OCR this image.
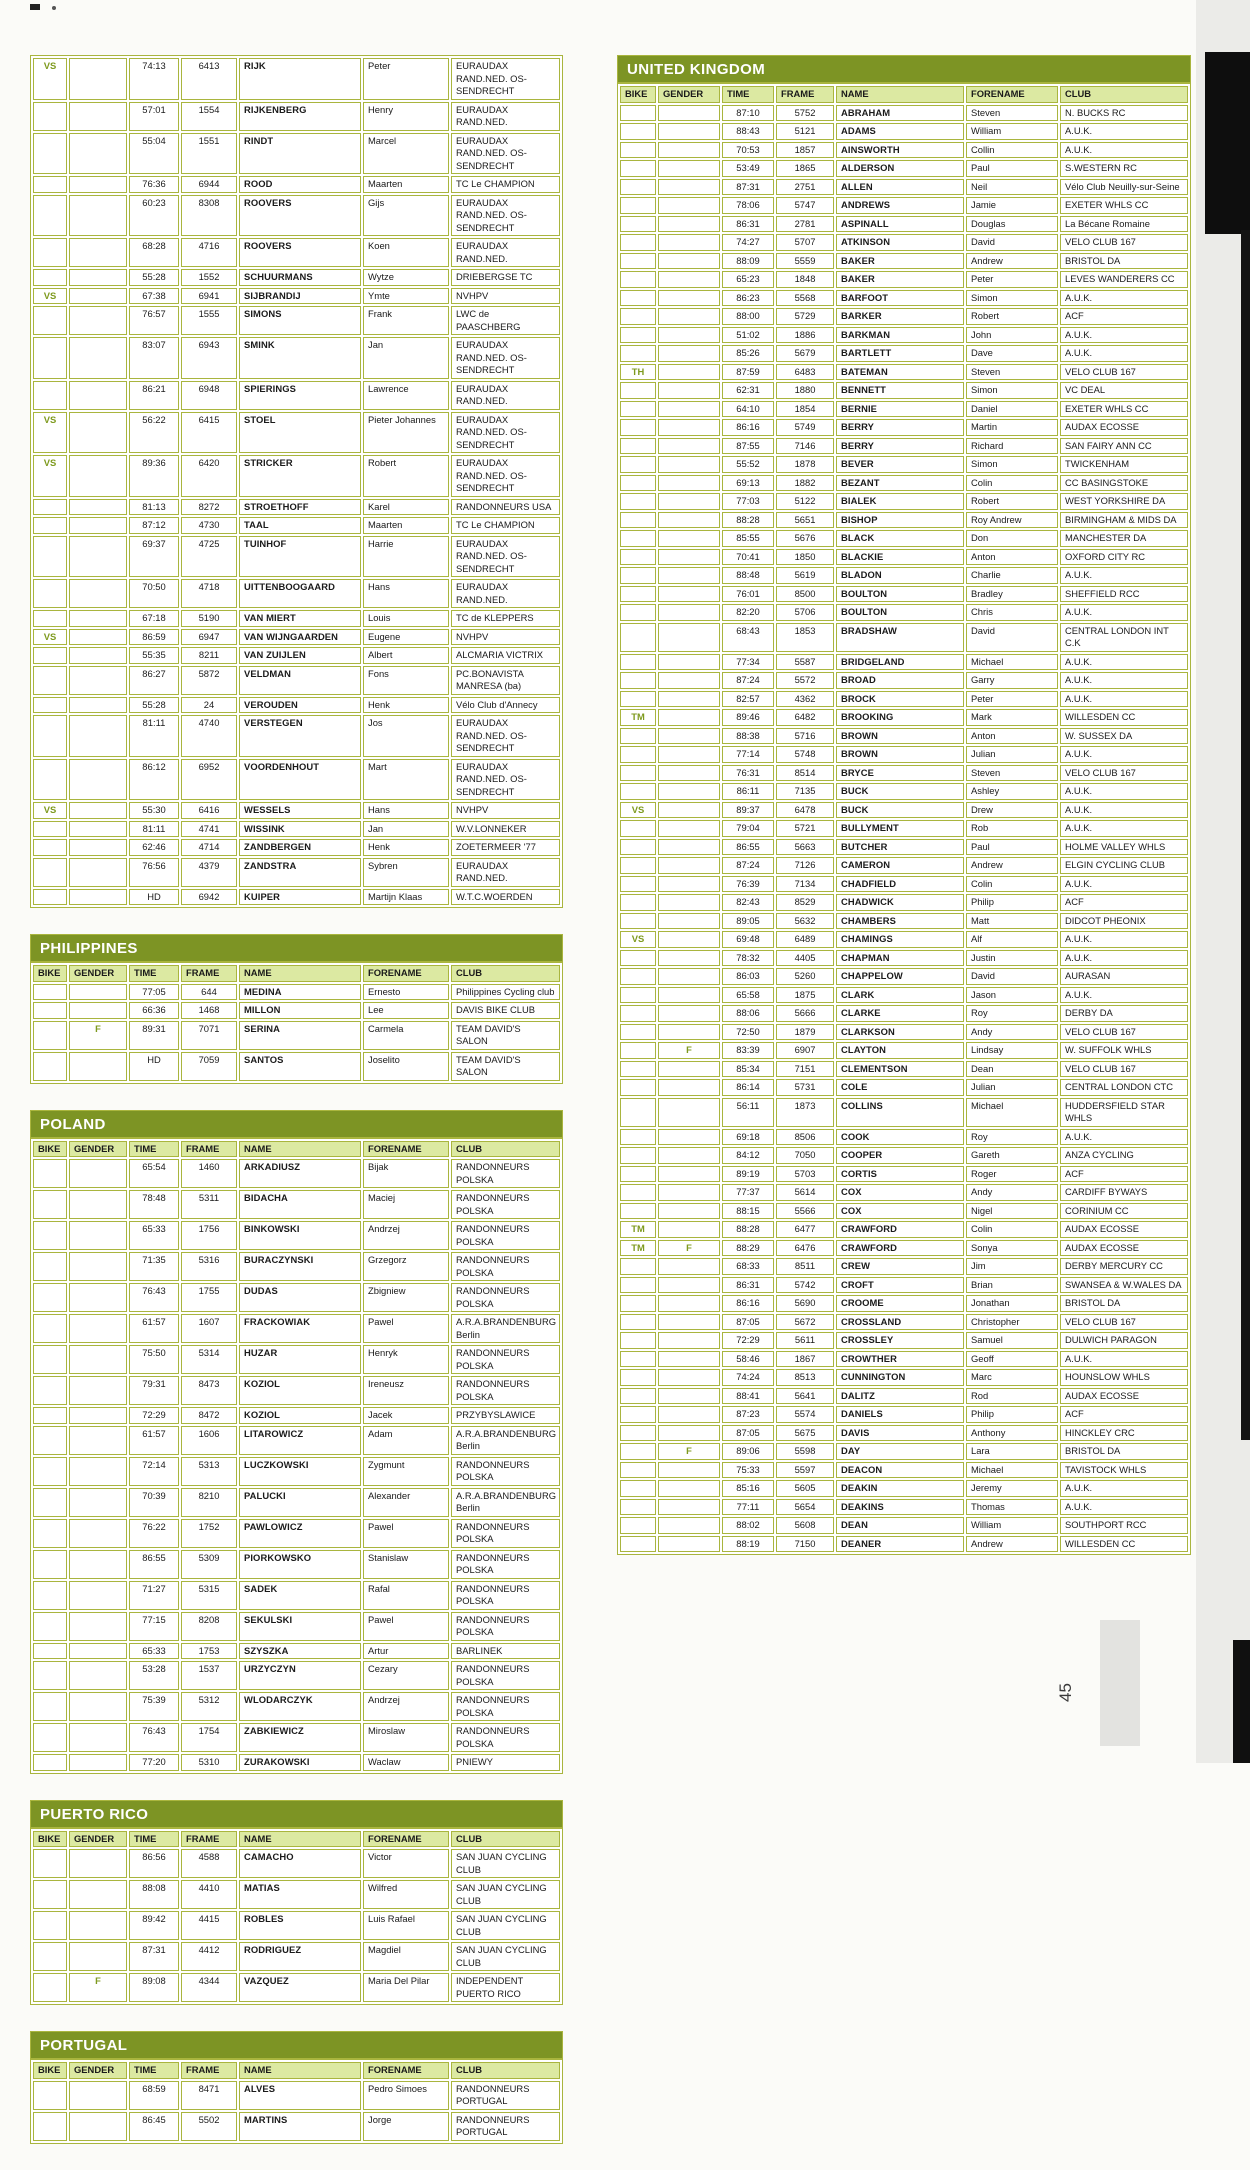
45
VS		74:13	6413	RIJK	Peter	EURAUDAX RAND.NED. OS-SENDRECHT
		57:01	1554	RIJKENBERG	Henry	EURAUDAX RAND.NED.
		55:04	1551	RINDT	Marcel	EURAUDAX RAND.NED. OS-SENDRECHT
		76:36	6944	ROOD	Maarten	TC Le CHAMPION
		60:23	8308	ROOVERS	Gijs	EURAUDAX RAND.NED. OS-SENDRECHT
		68:28	4716	ROOVERS	Koen	EURAUDAX RAND.NED.
		55:28	1552	SCHUURMANS	Wytze	DRIEBERGSE TC
VS		67:38	6941	SIJBRANDIJ	Ymte	NVHPV
		76:57	1555	SIMONS	Frank	LWC de PAASCHBERG
		83:07	6943	SMINK	Jan	EURAUDAX RAND.NED. OS-SENDRECHT
		86:21	6948	SPIERINGS	Lawrence	EURAUDAX RAND.NED.
VS		56:22	6415	STOEL	Pieter Johannes	EURAUDAX RAND.NED. OS-SENDRECHT
VS		89:36	6420	STRICKER	Robert	EURAUDAX RAND.NED. OS-SENDRECHT
		81:13	8272	STROETHOFF	Karel	RANDONNEURS USA
		87:12	4730	TAAL	Maarten	TC Le CHAMPION
		69:37	4725	TUINHOF	Harrie	EURAUDAX RAND.NED. OS-SENDRECHT
		70:50	4718	UITTENBOOGAARD	Hans	EURAUDAX RAND.NED.
		67:18	5190	VAN MIERT	Louis	TC de KLEPPERS
VS		86:59	6947	VAN WIJNGAARDEN	Eugene	NVHPV
		55:35	8211	VAN ZUIJLEN	Albert	ALCMARIA VICTRIX
		86:27	5872	VELDMAN	Fons	PC.BONAVISTA MANRESA (ba)
		55:28	24	VEROUDEN	Henk	Vélo Club d'Annecy
		81:11	4740	VERSTEGEN	Jos	EURAUDAX RAND.NED. OS-SENDRECHT
		86:12	6952	VOORDENHOUT	Mart	EURAUDAX RAND.NED. OS-SENDRECHT
VS		55:30	6416	WESSELS	Hans	NVHPV
		81:11	4741	WISSINK	Jan	W.V.LONNEKER
		62:46	4714	ZANDBERGEN	Henk	ZOETERMEER '77
		76:56	4379	ZANDSTRA	Sybren	EURAUDAX RAND.NED.
		HD	6942	KUIPER	Martijn Klaas	W.T.C.WOERDEN
PHILIPPINES
BIKE	GENDER	TIME	FRAME	NAME	FORENAME	CLUB
		77:05	644	MEDINA	Ernesto	Philippines Cycling club
		66:36	1468	MILLON	Lee	DAVIS BIKE CLUB
	F	89:31	7071	SERINA	Carmela	TEAM DAVID'S SALON
		HD	7059	SANTOS	Joselito	TEAM DAVID'S SALON
POLAND
BIKE	GENDER	TIME	FRAME	NAME	FORENAME	CLUB
		65:54	1460	ARKADIUSZ	Bijak	RANDONNEURS POLSKA
		78:48	5311	BIDACHA	Maciej	RANDONNEURS POLSKA
		65:33	1756	BINKOWSKI	Andrzej	RANDONNEURS POLSKA
		71:35	5316	BURACZYNSKI	Grzegorz	RANDONNEURS POLSKA
		76:43	1755	DUDAS	Zbigniew	RANDONNEURS POLSKA
		61:57	1607	FRACKOWIAK	Pawel	A.R.A.BRANDENBURG Berlin
		75:50	5314	HUZAR	Henryk	RANDONNEURS POLSKA
		79:31	8473	KOZIOL	Ireneusz	RANDONNEURS POLSKA
		72:29	8472	KOZIOL	Jacek	PRZYBYSLAWICE
		61:57	1606	LITAROWICZ	Adam	A.R.A.BRANDENBURG Berlin
		72:14	5313	LUCZKOWSKI	Zygmunt	RANDONNEURS POLSKA
		70:39	8210	PALUCKI	Alexander	A.R.A.BRANDENBURG Berlin
		76:22	1752	PAWLOWICZ	Pawel	RANDONNEURS POLSKA
		86:55	5309	PIORKOWSKO	Stanislaw	RANDONNEURS POLSKA
		71:27	5315	SADEK	Rafal	RANDONNEURS POLSKA
		77:15	8208	SEKULSKI	Pawel	RANDONNEURS POLSKA
		65:33	1753	SZYSZKA	Artur	BARLINEK
		53:28	1537	URZYCZYN	Cezary	RANDONNEURS POLSKA
		75:39	5312	WLODARCZYK	Andrzej	RANDONNEURS POLSKA
		76:43	1754	ZABKIEWICZ	Miroslaw	RANDONNEURS POLSKA
		77:20	5310	ZURAKOWSKI	Waclaw	PNIEWY
PUERTO RICO
BIKE	GENDER	TIME	FRAME	NAME	FORENAME	CLUB
		86:56	4588	CAMACHO	Victor	SAN JUAN CYCLING CLUB
		88:08	4410	MATIAS	Wilfred	SAN JUAN CYCLING CLUB
		89:42	4415	ROBLES	Luis Rafael	SAN JUAN CYCLING CLUB
		87:31	4412	RODRIGUEZ	Magdiel	SAN JUAN CYCLING CLUB
	F	89:08	4344	VAZQUEZ	Maria Del Pilar	INDEPENDENT PUERTO RICO
PORTUGAL
BIKE	GENDER	TIME	FRAME	NAME	FORENAME	CLUB
		68:59	8471	ALVES	Pedro Simoes	RANDONNEURS PORTUGAL
		86:45	5502	MARTINS	Jorge	RANDONNEURS PORTUGAL
UNITED KINGDOM
BIKE	GENDER	TIME	FRAME	NAME	FORENAME	CLUB
		87:10	5752	ABRAHAM	Steven	N. BUCKS RC
		88:43	5121	ADAMS	William	A.U.K.
		70:53	1857	AINSWORTH	Collin	A.U.K.
		53:49	1865	ALDERSON	Paul	S.WESTERN RC
		87:31	2751	ALLEN	Neil	Vélo Club Neuilly-sur-Seine
		78:06	5747	ANDREWS	Jamie	EXETER WHLS CC
		86:31	2781	ASPINALL	Douglas	La Bécane Romaine
		74:27	5707	ATKINSON	David	VELO CLUB 167
		88:09	5559	BAKER	Andrew	BRISTOL DA
		65:23	1848	BAKER	Peter	LEVES WANDERERS CC
		86:23	5568	BARFOOT	Simon	A.U.K.
		88:00	5729	BARKER	Robert	ACF
		51:02	1886	BARKMAN	John	A.U.K.
		85:26	5679	BARTLETT	Dave	A.U.K.
TH		87:59	6483	BATEMAN	Steven	VELO CLUB 167
		62:31	1880	BENNETT	Simon	VC DEAL
		64:10	1854	BERNIE	Daniel	EXETER WHLS CC
		86:16	5749	BERRY	Martin	AUDAX ECOSSE
		87:55	7146	BERRY	Richard	SAN FAIRY ANN CC
		55:52	1878	BEVER	Simon	TWICKENHAM
		69:13	1882	BEZANT	Colin	CC BASINGSTOKE
		77:03	5122	BIALEK	Robert	WEST YORKSHIRE DA
		88:28	5651	BISHOP	Roy Andrew	BIRMINGHAM & MIDS DA
		85:55	5676	BLACK	Don	MANCHESTER DA
		70:41	1850	BLACKIE	Anton	OXFORD CITY RC
		88:48	5619	BLADON	Charlie	A.U.K.
		76:01	8500	BOULTON	Bradley	SHEFFIELD RCC
		82:20	5706	BOULTON	Chris	A.U.K.
		68:43	1853	BRADSHAW	David	CENTRAL LONDON INT C.K
		77:34	5587	BRIDGELAND	Michael	A.U.K.
		87:24	5572	BROAD	Garry	A.U.K.
		82:57	4362	BROCK	Peter	A.U.K.
TM		89:46	6482	BROOKING	Mark	WILLESDEN CC
		88:38	5716	BROWN	Anton	W. SUSSEX DA
		77:14	5748	BROWN	Julian	A.U.K.
		76:31	8514	BRYCE	Steven	VELO CLUB 167
		86:11	7135	BUCK	Ashley	A.U.K.
VS		89:37	6478	BUCK	Drew	A.U.K.
		79:04	5721	BULLYMENT	Rob	A.U.K.
		86:55	5663	BUTCHER	Paul	HOLME VALLEY WHLS
		87:24	7126	CAMERON	Andrew	ELGIN CYCLING CLUB
		76:39	7134	CHADFIELD	Colin	A.U.K.
		82:43	8529	CHADWICK	Philip	ACF
		89:05	5632	CHAMBERS	Matt	DIDCOT PHEONIX
VS		69:48	6489	CHAMINGS	Alf	A.U.K.
		78:32	4405	CHAPMAN	Justin	A.U.K.
		86:03	5260	CHAPPELOW	David	AURASAN
		65:58	1875	CLARK	Jason	A.U.K.
		88:06	5666	CLARKE	Roy	DERBY DA
		72:50	1879	CLARKSON	Andy	VELO CLUB 167
	F	83:39	6907	CLAYTON	Lindsay	W. SUFFOLK WHLS
		85:34	7151	CLEMENTSON	Dean	VELO CLUB 167
		86:14	5731	COLE	Julian	CENTRAL LONDON CTC
		56:11	1873	COLLINS	Michael	HUDDERSFIELD STAR WHLS
		69:18	8506	COOK	Roy	A.U.K.
		84:12	7050	COOPER	Gareth	ANZA CYCLING
		89:19	5703	CORTIS	Roger	ACF
		77:37	5614	COX	Andy	CARDIFF BYWAYS
		88:15	5566	COX	Nigel	CORINIUM CC
TM		88:28	6477	CRAWFORD	Colin	AUDAX ECOSSE
TM	F	88:29	6476	CRAWFORD	Sonya	AUDAX ECOSSE
		68:33	8511	CREW	Jim	DERBY MERCURY CC
		86:31	5742	CROFT	Brian	SWANSEA & W.WALES DA
		86:16	5690	CROOME	Jonathan	BRISTOL DA
		87:05	5672	CROSSLAND	Christopher	VELO CLUB 167
		72:29	5611	CROSSLEY	Samuel	DULWICH PARAGON
		58:46	1867	CROWTHER	Geoff	A.U.K.
		74:24	8513	CUNNINGTON	Marc	HOUNSLOW WHLS
		88:41	5641	DALITZ	Rod	AUDAX ECOSSE
		87:23	5574	DANIELS	Philip	ACF
		87:05	5675	DAVIS	Anthony	HINCKLEY CRC
	F	89:06	5598	DAY	Lara	BRISTOL DA
		75:33	5597	DEACON	Michael	TAVISTOCK WHLS
		85:16	5605	DEAKIN	Jeremy	A.U.K.
		77:11	5654	DEAKINS	Thomas	A.U.K.
		88:02	5608	DEAN	William	SOUTHPORT RCC
		88:19	7150	DEANER	Andrew	WILLESDEN CC
